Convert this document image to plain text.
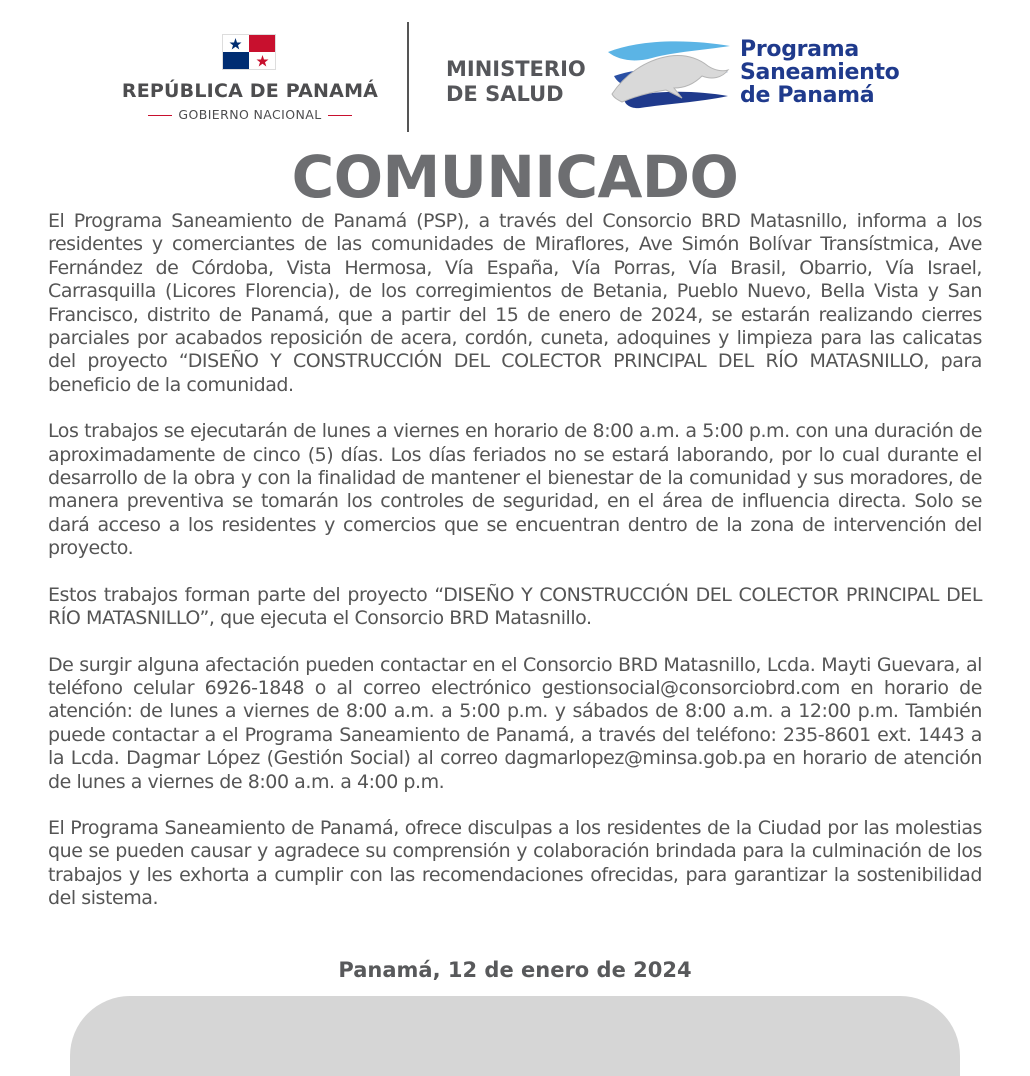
REPÚBLICA DE PANAMÁ
GOBIERNO NACIONAL
MINISTERIO
DE SALUD
Programa
Saneamiento
de Panamá
COMUNICADO

El Programa Saneamiento de Panamá (PSP), a través del Consorcio BRD Matasnillo, informa a los residentes y comerciantes de las comunidades de Miraflores, Ave Simón Bolívar Transístmica, Ave Fernández de Córdoba, Vista Hermosa, Vía España, Vía Porras, Vía Brasil, Obarrio, Vía Israel, Carrasquilla (Licores Florencia), de los corregimientos de Betania, Pueblo Nuevo, Bella Vista y San Francisco, distrito de Panamá, que a partir del 15 de enero de 2024, se estarán realizando cierres parciales por acabados reposición de acera, cordón, cuneta, adoquines y limpieza para las calicatas del proyecto “DISEÑO Y CONSTRUCCIÓN DEL COLECTOR PRINCIPAL DEL RÍO MATASNILLO, para beneficio de la comunidad.

Los trabajos se ejecutarán de lunes a viernes en horario de 8:00 a.m. a 5:00 p.m. con una duración de aproximadamente de cinco (5) días. Los días feriados no se estará laborando, por lo cual durante el desarrollo de la obra y con la finalidad de mantener el bienestar de la comunidad y sus moradores, de manera preventiva se tomarán los controles de seguridad, en el área de influencia directa. Solo se dará acceso a los residentes y comercios que se encuentran dentro de la zona de intervención del proyecto.

Estos trabajos forman parte del proyecto “DISEÑO Y CONSTRUCCIÓN DEL COLECTOR PRINCIPAL DEL RÍO MATASNILLO”, que ejecuta el Consorcio BRD Matasnillo.

De surgir alguna afectación pueden contactar en el Consorcio BRD Matasnillo, Lcda. Mayti Guevara, al teléfono celular 6926-1848 o al correo electrónico gestionsocial@consorciobrd.com en horario de atención: de lunes a viernes de 8:00 a.m. a 5:00 p.m. y sábados de 8:00 a.m. a 12:00 p.m. También puede contactar a el Programa Saneamiento de Panamá, a través del teléfono: 235-8601 ext. 1443 a la Lcda. Dagmar López (Gestión Social) al correo dagmarlopez@minsa.gob.pa en horario de atención de lunes a viernes de 8:00 a.m. a 4:00 p.m.

El Programa Saneamiento de Panamá, ofrece disculpas a los residentes de la Ciudad por las molestias que se pueden causar y agradece su comprensión y colaboración brindada para la culminación de los trabajos y les exhorta a cumplir con las recomendaciones ofrecidas, para garantizar la sostenibilidad del sistema.

Panamá, 12 de enero de 2024
